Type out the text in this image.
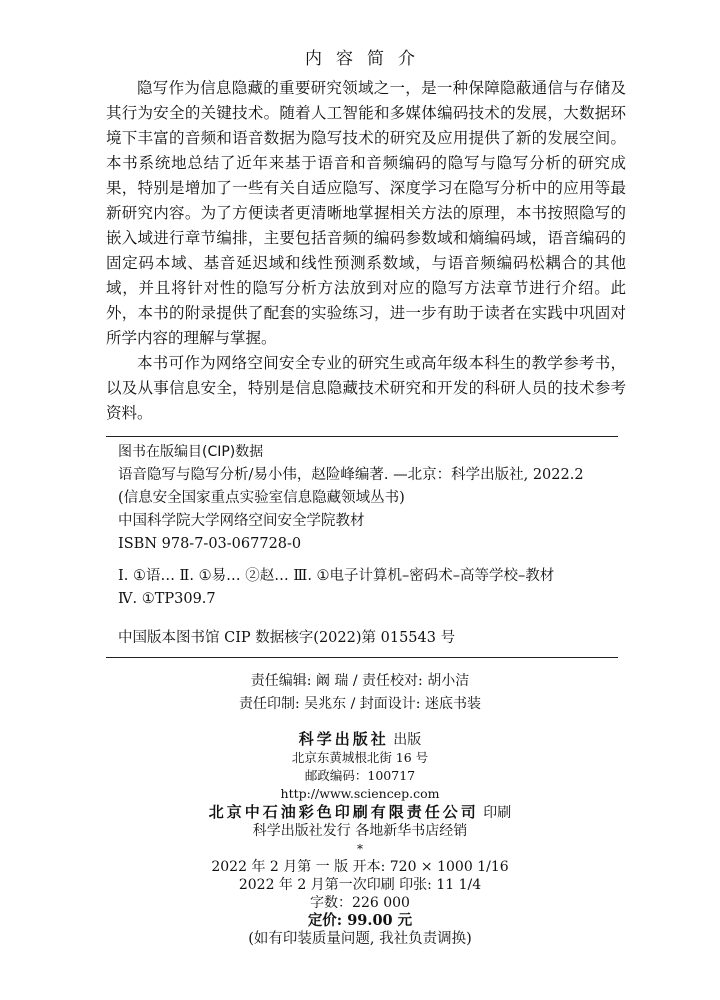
内容简介

隐写作为信息隐藏的重要研究领域之一，是一种保障隐蔽通信与存储及其行为安全的关键技术。随着人工智能和多媒体编码技术的发展，大数据环境下丰富的音频和语音数据为隐写技术的研究及应用提供了新的发展空间。本书系统地总结了近年来基于语音和音频编码的隐写与隐写分析的研究成果，特别是增加了一些有关自适应隐写、深度学习在隐写分析中的应用等最新研究内容。为了方便读者更清晰地掌握相关方法的原理，本书按照隐写的嵌入域进行章节编排，主要包括音频的编码参数域和熵编码域，语音编码的固定码本域、基音延迟域和线性预测系数域，与语音频编码松耦合的其他域，并且将针对性的隐写分析方法放到对应的隐写方法章节进行介绍。此外，本书的附录提供了配套的实验练习，进一步有助于读者在实践中巩固对所学内容的理解与掌握。

本书可作为网络空间安全专业的研究生或高年级本科生的教学参考书，以及从事信息安全，特别是信息隐藏技术研究和开发的科研人员的技术参考资料。

图书在版编目(CIP)数据
语音隐写与隐写分析/易小伟，赵险峰编著. —北京：科学出版社, 2022.2
(信息安全国家重点实验室信息隐藏领域丛书)
中国科学院大学网络空间安全学院教材
ISBN 978-7-03-067728-0
Ⅰ. ①语… Ⅱ. ①易… ②赵… Ⅲ. ①电子计算机–密码术–高等学校–教材
Ⅳ. ①TP309.7
中国版本图书馆 CIP 数据核字(2022)第 015543 号
责任编辑: 阚 瑞 / 责任校对: 胡小洁
责任印制: 吴兆东 / 封面设计: 迷底书装
科学出版社 出版
北京东黄城根北街 16 号
邮政编码：100717
http://www.sciencep.com
北京中石油彩色印刷有限责任公司 印刷
科学出版社发行 各地新华书店经销
*
2022 年 2 月第 一 版 开本: 720 × 1000 1/16
2022 年 2 月第一次印刷 印张: 11 1/4
字数：226 000
定价: 99.00 元
(如有印装质量问题, 我社负责调换)
